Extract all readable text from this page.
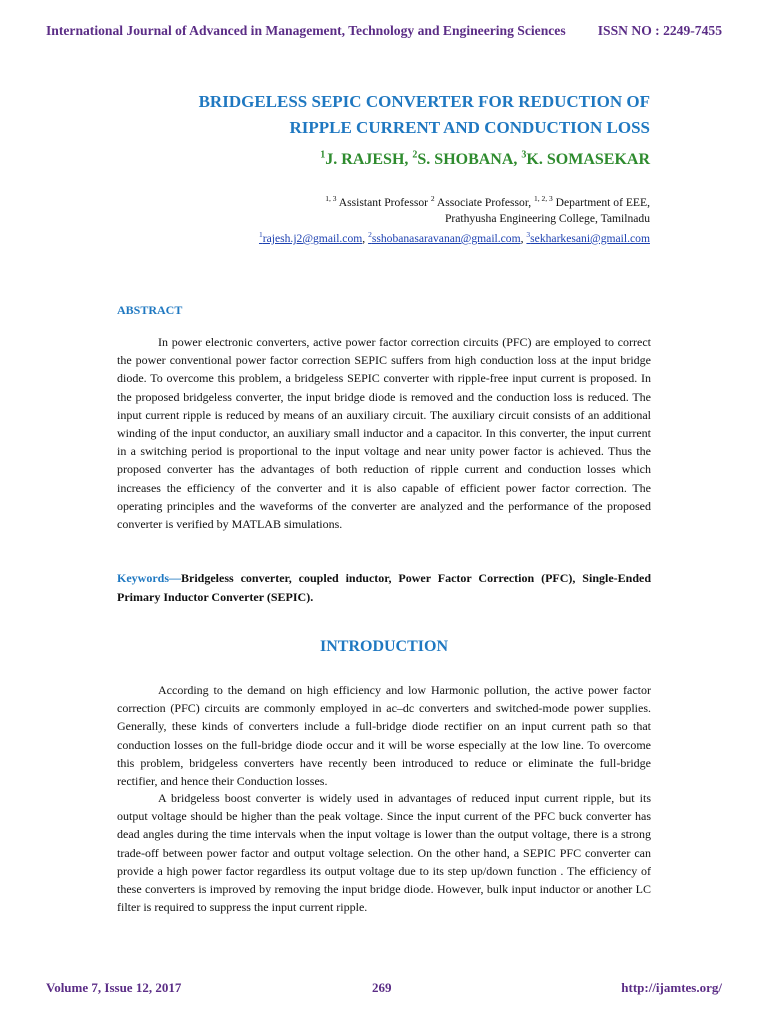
International Journal of Advanced in Management, Technology and Engineering Sciences ISSN NO : 2249-7455
BRIDGELESS SEPIC CONVERTER FOR REDUCTION OF
RIPPLE CURRENT AND CONDUCTION LOSS
$^1$J. RAJESH, $^2$S. SHOBANA, $^3$K. SOMASEKAR
$^{1, 3}$ Assistant Professor $^2$ Associate Professor, $^{1, 2, 3}$ Department of EEE,
Prathyusha Engineering College, Tamilnadu
$^1$rajesh.j2@gmail.com, $^2$sshobanasaravanan@gmail.com, $^3$sekharkesani@gmail.com
ABSTRACT
In power electronic converters, active power factor correction circuits (PFC) are employed to correct the power conventional power factor correction SEPIC suffers from high conduction loss at the input bridge diode. To overcome this problem, a bridgeless SEPIC converter with ripple-free input current is proposed. In the proposed bridgeless converter, the input bridge diode is removed and the conduction loss is reduced. The input current ripple is reduced by means of an auxiliary circuit. The auxiliary circuit consists of an additional winding of the input conductor, an auxiliary small inductor and a capacitor. In this converter, the input current in a switching period is proportional to the input voltage and near unity power factor is achieved. Thus the proposed converter has the advantages of both reduction of ripple current and conduction losses which increases the efficiency of the converter and it is also capable of efficient power factor correction. The operating principles and the waveforms of the converter are analyzed and the performance of the proposed converter is verified by MATLAB simulations.
Keywords—Bridgeless converter, coupled inductor, Power Factor Correction (PFC), Single-Ended Primary Inductor Converter (SEPIC).
INTRODUCTION
According to the demand on high efficiency and low Harmonic pollution, the active power factor correction (PFC) circuits are commonly employed in ac–dc converters and switched-mode power supplies. Generally, these kinds of converters include a full-bridge diode rectifier on an input current path so that conduction losses on the full-bridge diode occur and it will be worse especially at the low line. To overcome this problem, bridgeless converters have recently been introduced to reduce or eliminate the full-bridge rectifier, and hence their Conduction losses.
A bridgeless boost converter is widely used in advantages of reduced input current ripple, but its output voltage should be higher than the peak voltage. Since the input current of the PFC buck converter has dead angles during the time intervals when the input voltage is lower than the output voltage, there is a strong trade-off between power factor and output voltage selection. On the other hand, a SEPIC PFC converter can provide a high power factor regardless its output voltage due to its step up/down function . The efficiency of these converters is improved by removing the input bridge diode. However, bulk input inductor or another LC filter is required to suppress the input current ripple.
Volume 7, Issue 12, 2017	269	http://ijamtes.org/
